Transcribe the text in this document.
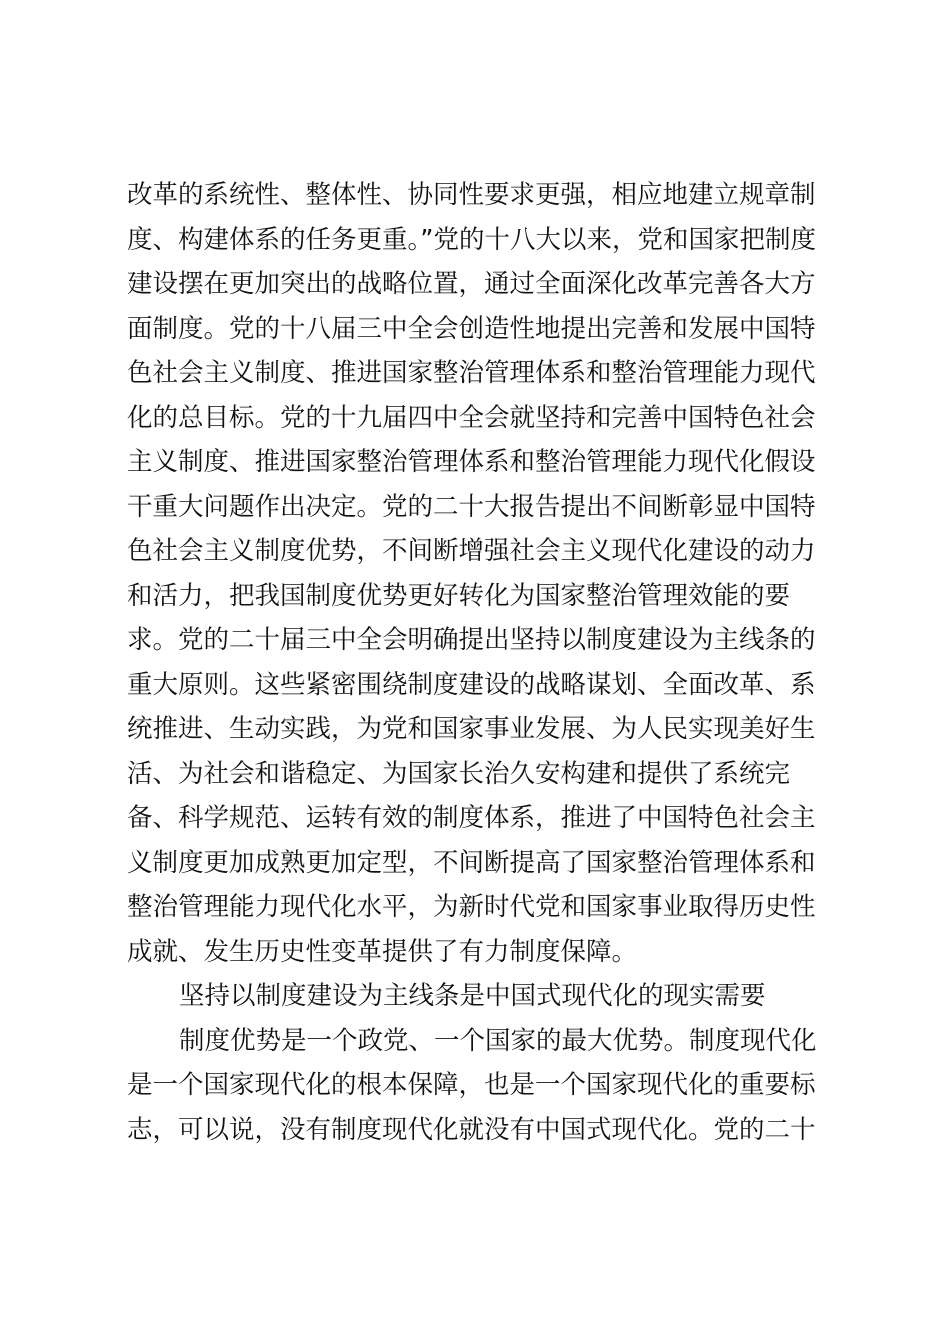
改革的系统性、整体性、协同性要求更强，相应地建立规章制
度、构建体系的任务更重。”党的十八大以来，党和国家把制度
建设摆在更加突出的战略位置，通过全面深化改革完善各大方
面制度。党的十八届三中全会创造性地提出完善和发展中国特
色社会主义制度、推进国家整治管理体系和整治管理能力现代
化的总目标。党的十九届四中全会就坚持和完善中国特色社会
主义制度、推进国家整治管理体系和整治管理能力现代化假设
干重大问题作出决定。党的二十大报告提出不间断彰显中国特
色社会主义制度优势，不间断增强社会主义现代化建设的动力
和活力，把我国制度优势更好转化为国家整治管理效能的要
求。党的二十届三中全会明确提出坚持以制度建设为主线条的
重大原则。这些紧密围绕制度建设的战略谋划、全面改革、系
统推进、生动实践，为党和国家事业发展、为人民实现美好生
活、为社会和谐稳定、为国家长治久安构建和提供了系统完
备、科学规范、运转有效的制度体系，推进了中国特色社会主
义制度更加成熟更加定型，不间断提高了国家整治管理体系和
整治管理能力现代化水平，为新时代党和国家事业取得历史性
成就、发生历史性变革提供了有力制度保障。
坚持以制度建设为主线条是中国式现代化的现实需要
制度优势是一个政党、一个国家的最大优势。制度现代化
是一个国家现代化的根本保障，也是一个国家现代化的重要标
志，可以说，没有制度现代化就没有中国式现代化。党的二十
